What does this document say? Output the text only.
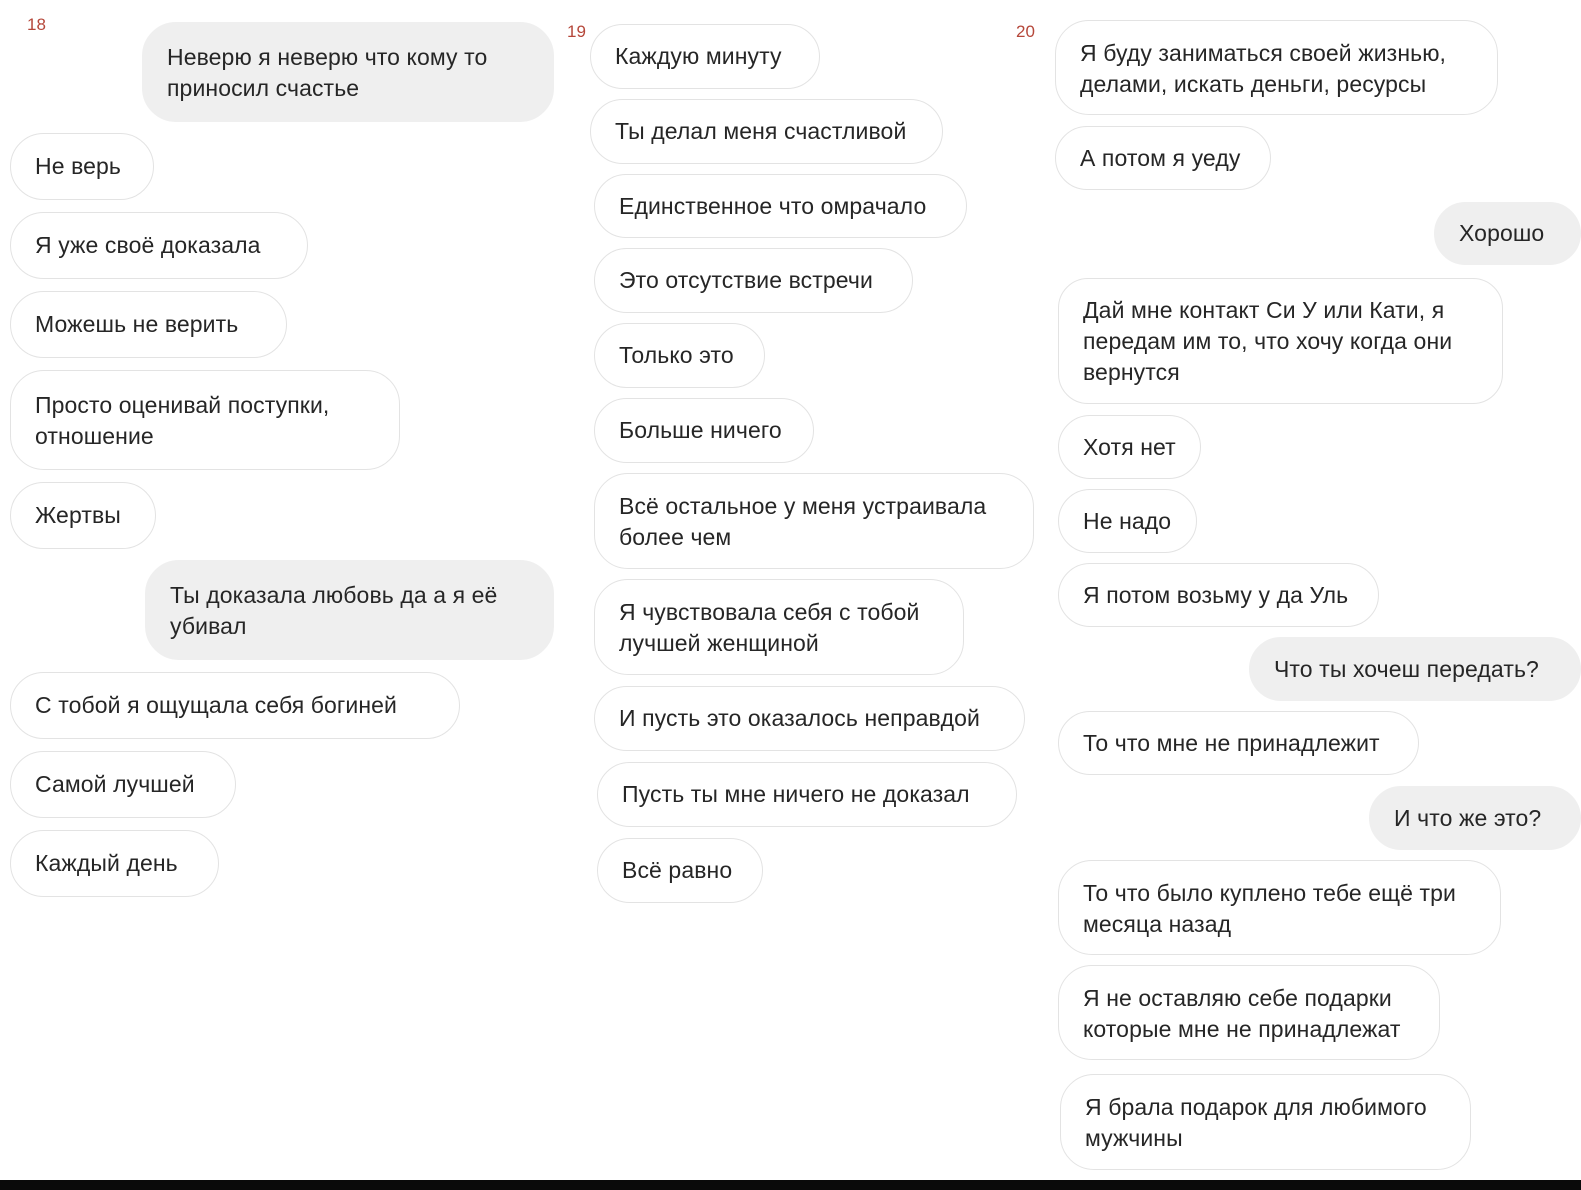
18
Неверю я неверю что кому то
приносил счастье
Не верь
Я уже своё доказала
Можешь не верить
Просто оценивай поступки,
отношение
Жертвы
Ты доказала любовь да а я её
убивал
С тобой я ощущала себя богиней
Самой лучшей
Каждый день
19
Каждую минуту
Ты делал меня счастливой
Единственное что омрачало
Это отсутствие встречи
Только это
Больше ничего
Всё остальное у меня устраивала
более чем
Я чувствовала себя с тобой
лучшей женщиной
И пусть это оказалось неправдой
Пусть ты мне ничего не доказал
Всё равно
20
Я буду заниматься своей жизнью,
делами, искать деньги, ресурсы
А потом я уеду
Хорошо
Дай мне контакт Си У или Кати, я
передам им то, что хочу когда они
вернутся
Хотя нет
Не надо
Я потом возьму у да Уль
Что ты хочеш передать?
То что мне не принадлежит
И что же это?
То что было куплено тебе ещё три
месяца назад
Я не оставляю себе подарки
которые мне не принадлежат
Я брала подарок для любимого
мужчины
